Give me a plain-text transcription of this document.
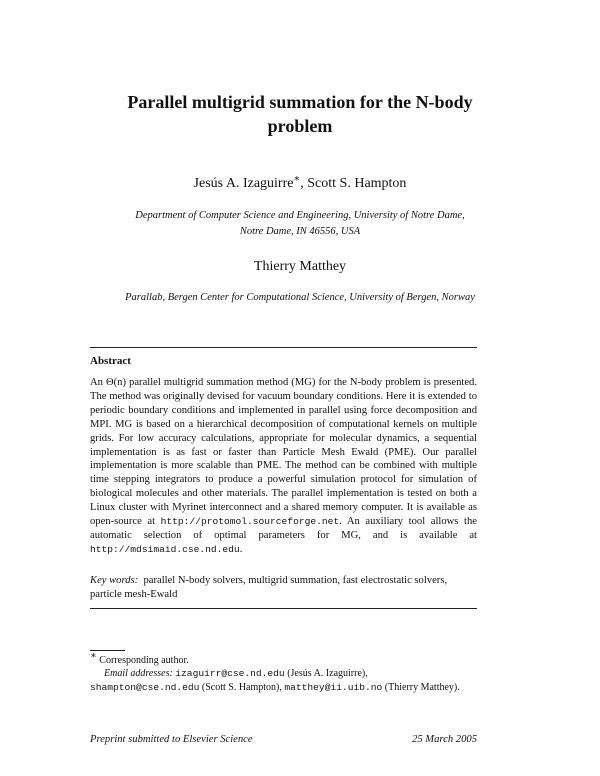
Parallel multigrid summation for the N-body
problem
Jesús A. Izaguirre∗, Scott S. Hampton
Department of Computer Science and Engineering, University of Notre Dame,
Notre Dame, IN 46556, USA
Thierry Matthey
Parallab, Bergen Center for Computational Science, University of Bergen, Norway
Abstract
An Θ(n) parallel multigrid summation method (MG) for the N-body problem is presented. The method was originally devised for vacuum boundary conditions. Here it is extended to periodic boundary conditions and implemented in parallel using force decomposition and MPI. MG is based on a hierarchical decomposition of computational kernels on multiple grids. For low accuracy calculations, appropriate for molecular dynamics, a sequential implementation is as fast or faster than Particle Mesh Ewald (PME). Our parallel implementation is more scalable than PME. The method can be combined with multiple time stepping integrators to produce a powerful simulation protocol for simulation of biological molecules and other materials. The parallel implementation is tested on both a Linux cluster with Myrinet interconnect and a shared memory computer. It is available as open-source at http://protomol.sourceforge.net. An auxiliary tool allows the automatic selection of optimal parameters for MG, and is available at http://mdsimaid.cse.nd.edu.
Key words: parallel N-body solvers, multigrid summation, fast electrostatic solvers, particle mesh-Ewald
∗ Corresponding author.
Email addresses: izaguirr@cse.nd.edu (Jesús A. Izaguirre),
shampton@cse.nd.edu (Scott S. Hampton), matthey@ii.uib.no (Thierry Matthey).
Preprint submitted to Elsevier Science	25 March 2005
